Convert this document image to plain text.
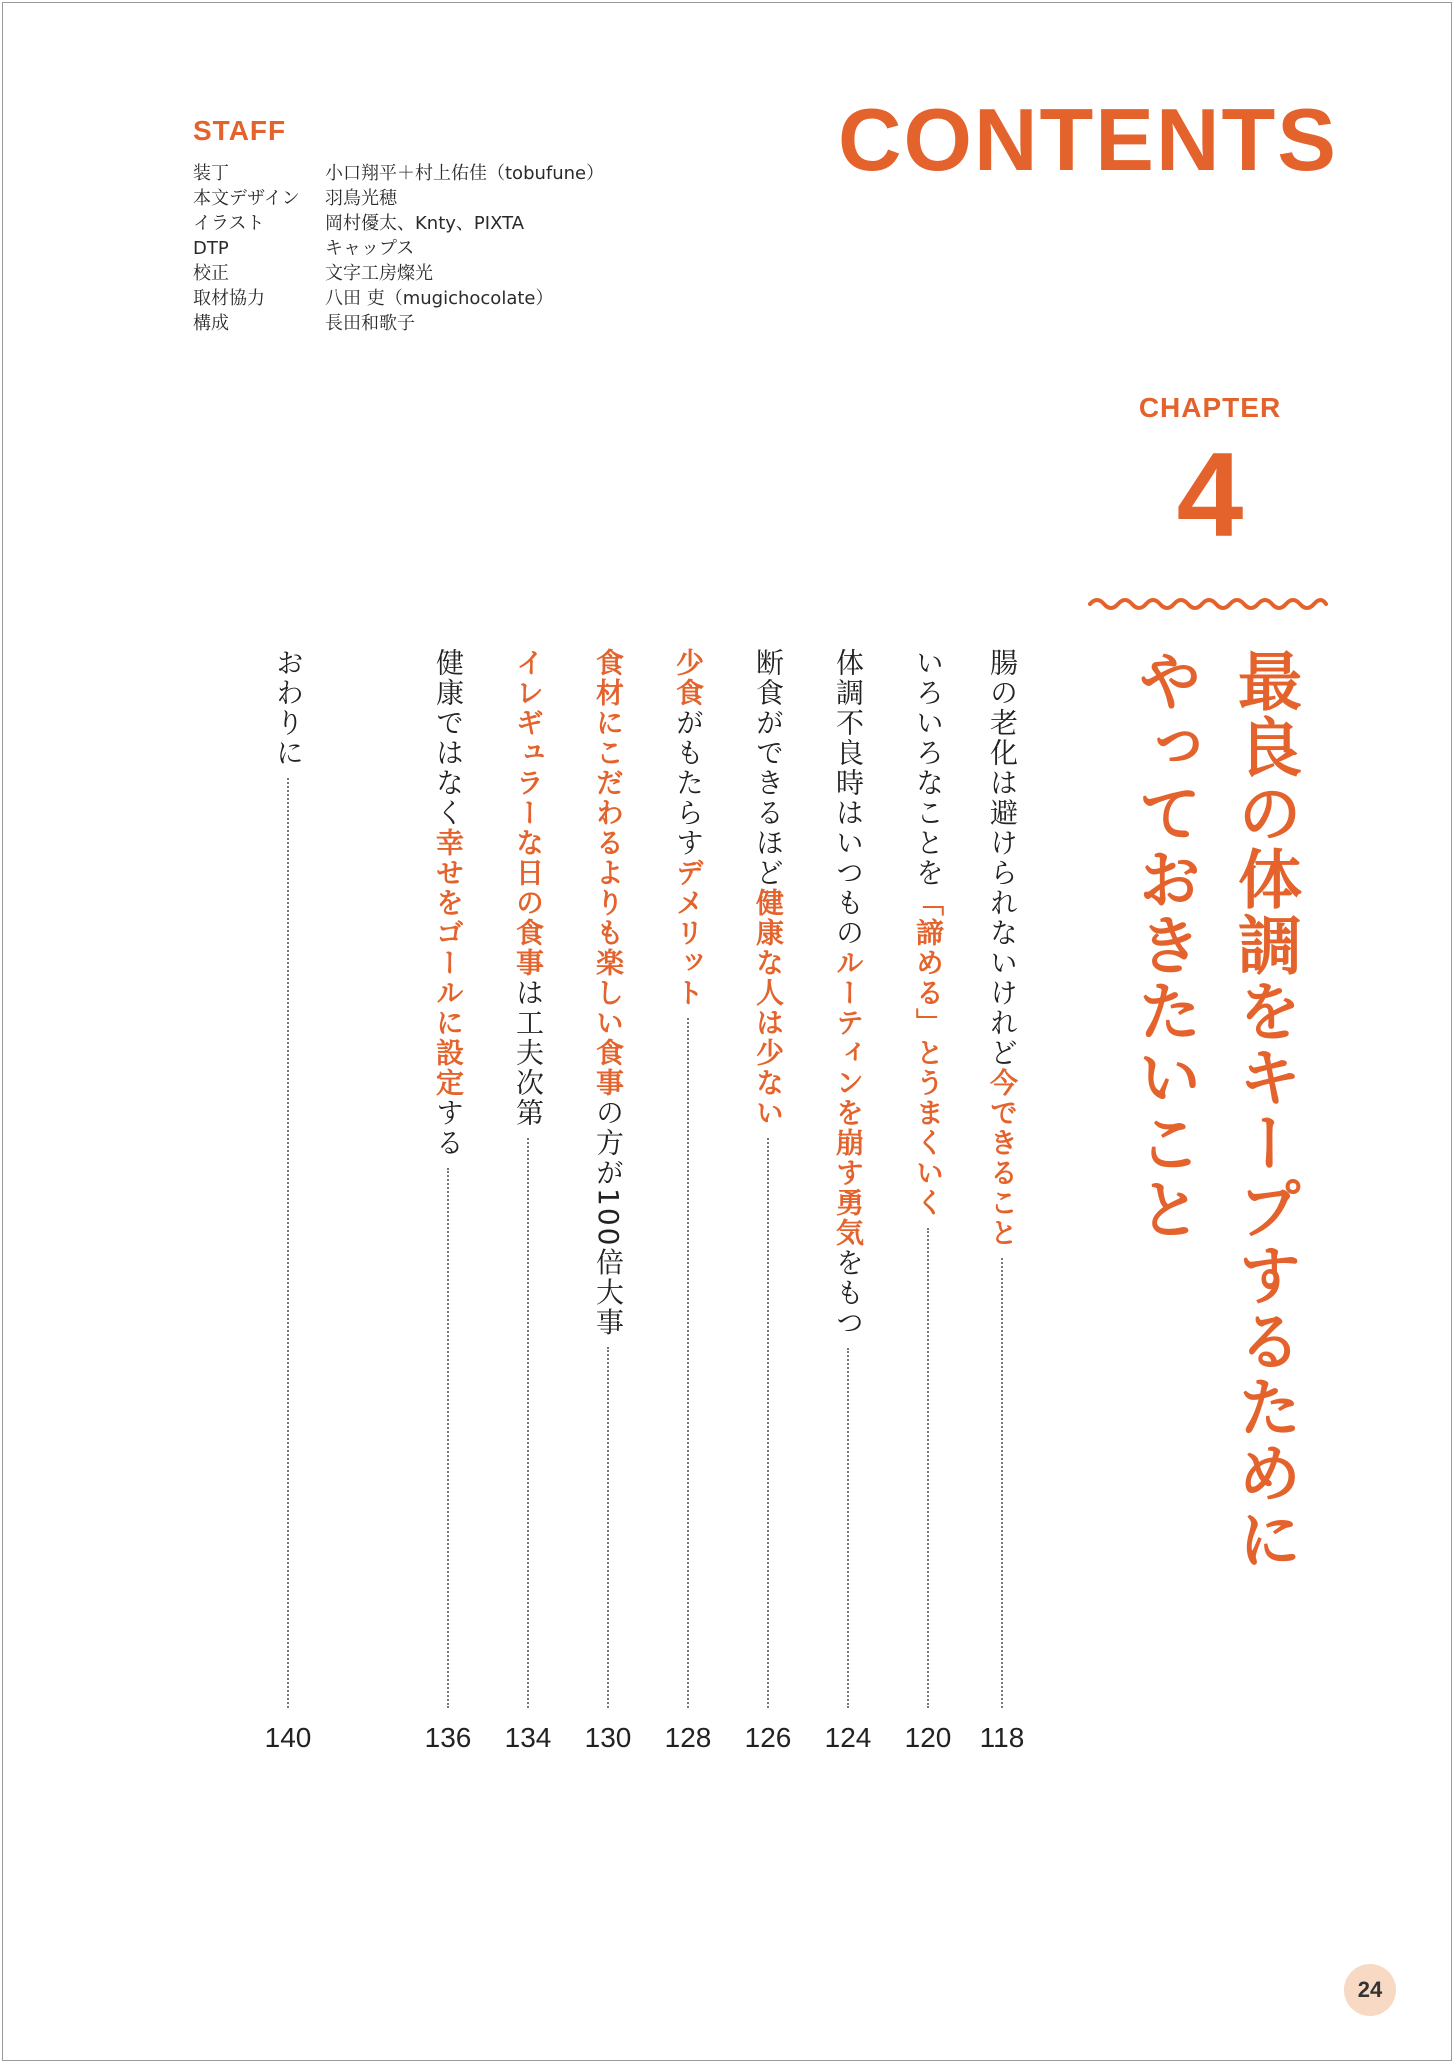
STAFF
装丁	小口翔平＋村上佑佳（tobufune）
本文デザイン 羽鳥光穂
イラスト	岡村優太、Knty、PIXTA
DTP	キャップス
校正	文字工房燦光
取材協力	八田 吏（mugichocolate）
構成	長田和歌子
CONTENTS
CHAPTER
4
最良の体調をキープするために
やっておきたいこと
腸の老化は避けられないけれど今できること
118
いろいろなことを「諦める」とうまくいく
120
体調不良時はいつものルーティンを崩す勇気をもつ
124
断食ができるほど健康な人は少ない
126
少食がもたらすデメリット
128
食材にこだわるよりも楽しい食事の方が100倍大事
130
イレギュラーな日の食事は工夫次第
134
健康ではなく幸せをゴールに設定する
136
おわりに
140
24
